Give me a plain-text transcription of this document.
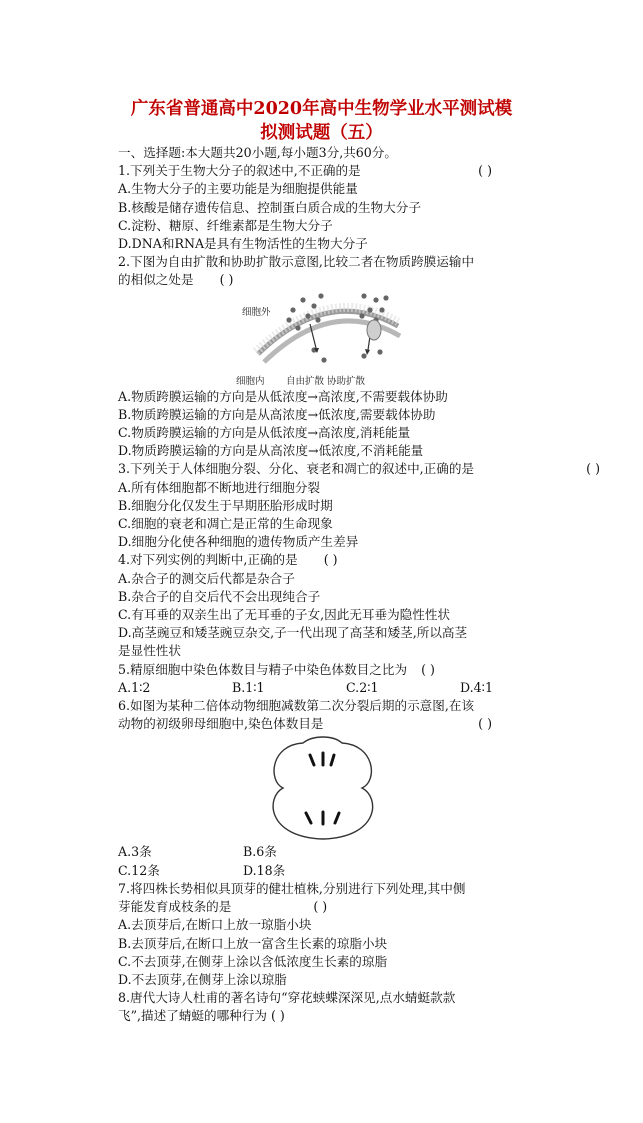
广东省普通高中2020年高中生物学业水平测试模
拟测试题（五）
一、选择题:本大题共20小题,每小题3分,共60分。
1.下列关于生物大分子的叙述中,不正确的是	( )
A.生物大分子的主要功能是为细胞提供能量
B.核酸是储存遗传信息、控制蛋白质合成的生物大分子
C.淀粉、糖原、纤维素都是生物大分子
D.DNA和RNA是具有生物活性的生物大分子
2.下图为自由扩散和协助扩散示意图,比较二者在物质跨膜运输中
的相似之处是 ( )
细胞外
细胞内 自由扩散 协助扩散
A.物质跨膜运输的方向是从低浓度→高浓度,不需要载体协助
B.物质跨膜运输的方向是从高浓度→低浓度,需要载体协助
C.物质跨膜运输的方向是从低浓度→高浓度,消耗能量
D.物质跨膜运输的方向是从高浓度→低浓度,不消耗能量
3.下列关于人体细胞分裂、分化、衰老和凋亡的叙述中,正确的是	( )
A.所有体细胞都不断地进行细胞分裂
B.细胞分化仅发生于早期胚胎形成时期
C.细胞的衰老和凋亡是正常的生命现象
D.细胞分化使各种细胞的遗传物质产生差异
4.对下列实例的判断中,正确的是 ( )
A.杂合子的测交后代都是杂合子
B.杂合子的自交后代不会出现纯合子
C.有耳垂的双亲生出了无耳垂的子女,因此无耳垂为隐性性状
D.高茎豌豆和矮茎豌豆杂交,子一代出现了高茎和矮茎,所以高茎
是显性性状
5.精原细胞中染色体数目与精子中染色体数目之比为 ( )
A.1∶2	B.1∶1	C.2∶1	D.4∶1
6.如图为某种二倍体动物细胞减数第二次分裂后期的示意图,在该
动物的初级卵母细胞中,染色体数目是	( )
A.3条	B.6条
C.12条	D.18条
7.将四株长势相似具顶芽的健壮植株,分别进行下列处理,其中侧
芽能发育成枝条的是	( )
A.去顶芽后,在断口上放一琼脂小块
B.去顶芽后,在断口上放一富含生长素的琼脂小块
C.不去顶芽,在侧芽上涂以含低浓度生长素的琼脂
D.不去顶芽,在侧芽上涂以琼脂
8.唐代大诗人杜甫的著名诗句“穿花蛱蝶深深见,点水蜻蜓款款
飞”,描述了蜻蜓的哪种行为 ( )
